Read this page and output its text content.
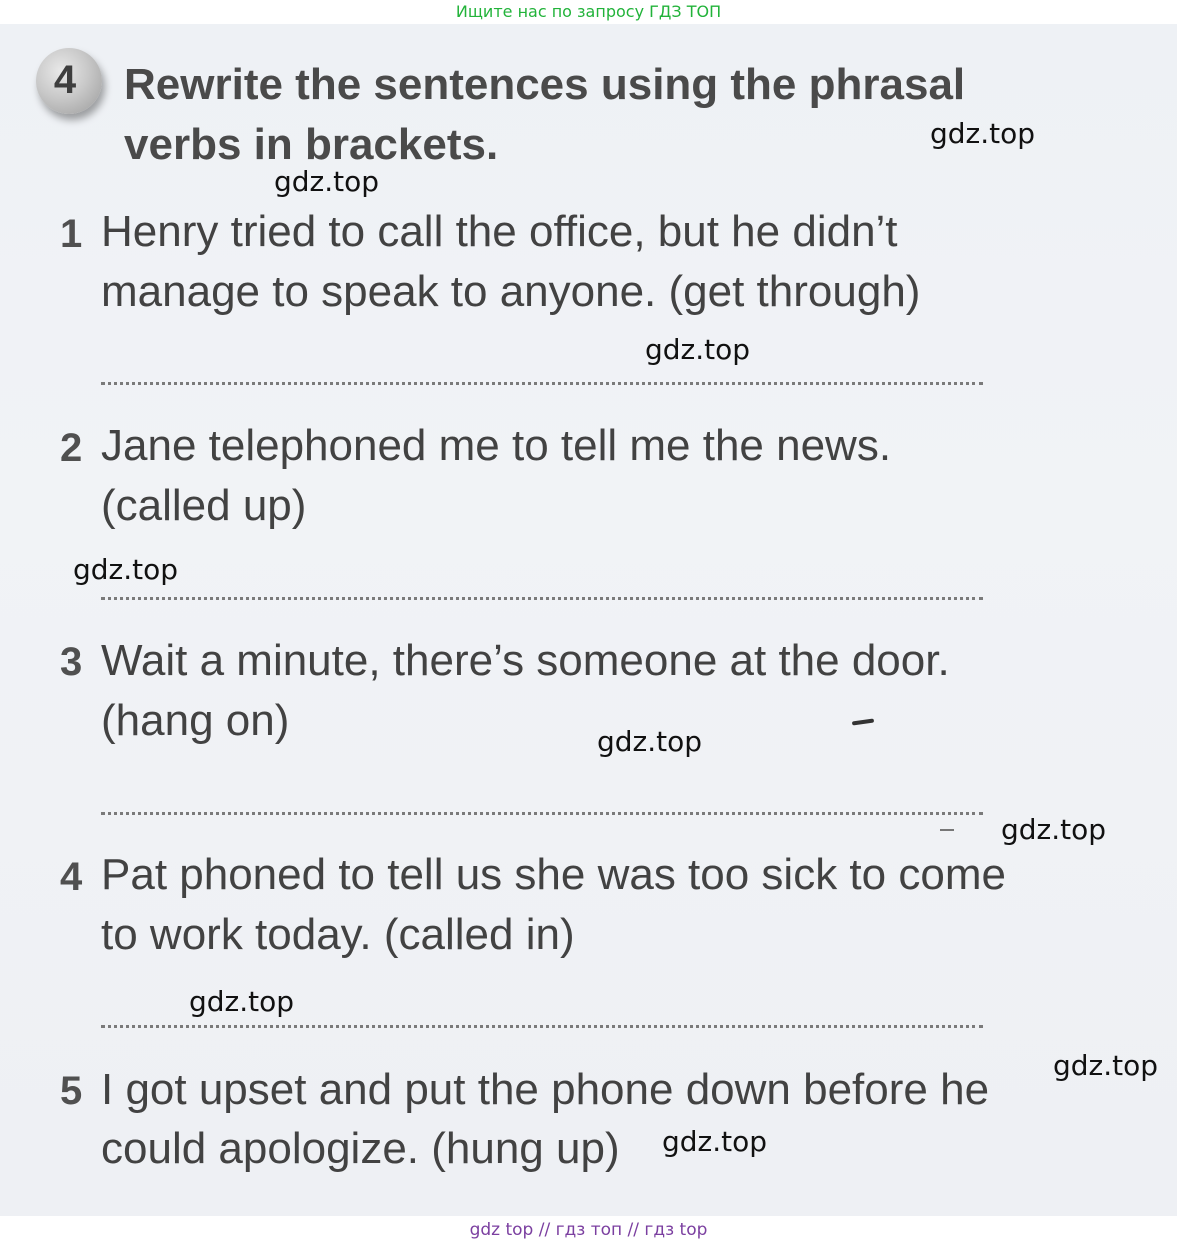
Ищите нас по запросу ГДЗ ТОП
4	Rewrite the sentences using the phrasal
verbs in brackets.
1 Henry tried to call the office, but he didn’t
manage to speak to anyone. (get through)
2 Jane telephoned me to tell me the news.
(called up)
3 Wait a minute, there’s someone at the door.
(hang on)
4 Pat phoned to tell us she was too sick to come
to work today. (called in)
5 I got upset and put the phone down before he
could apologize. (hung up)
gdz.top
gdz.top
gdz.top
gdz.top
gdz.top
gdz.top
gdz.top
gdz.top
gdz.top
gdz top // гдз топ // гдз top
